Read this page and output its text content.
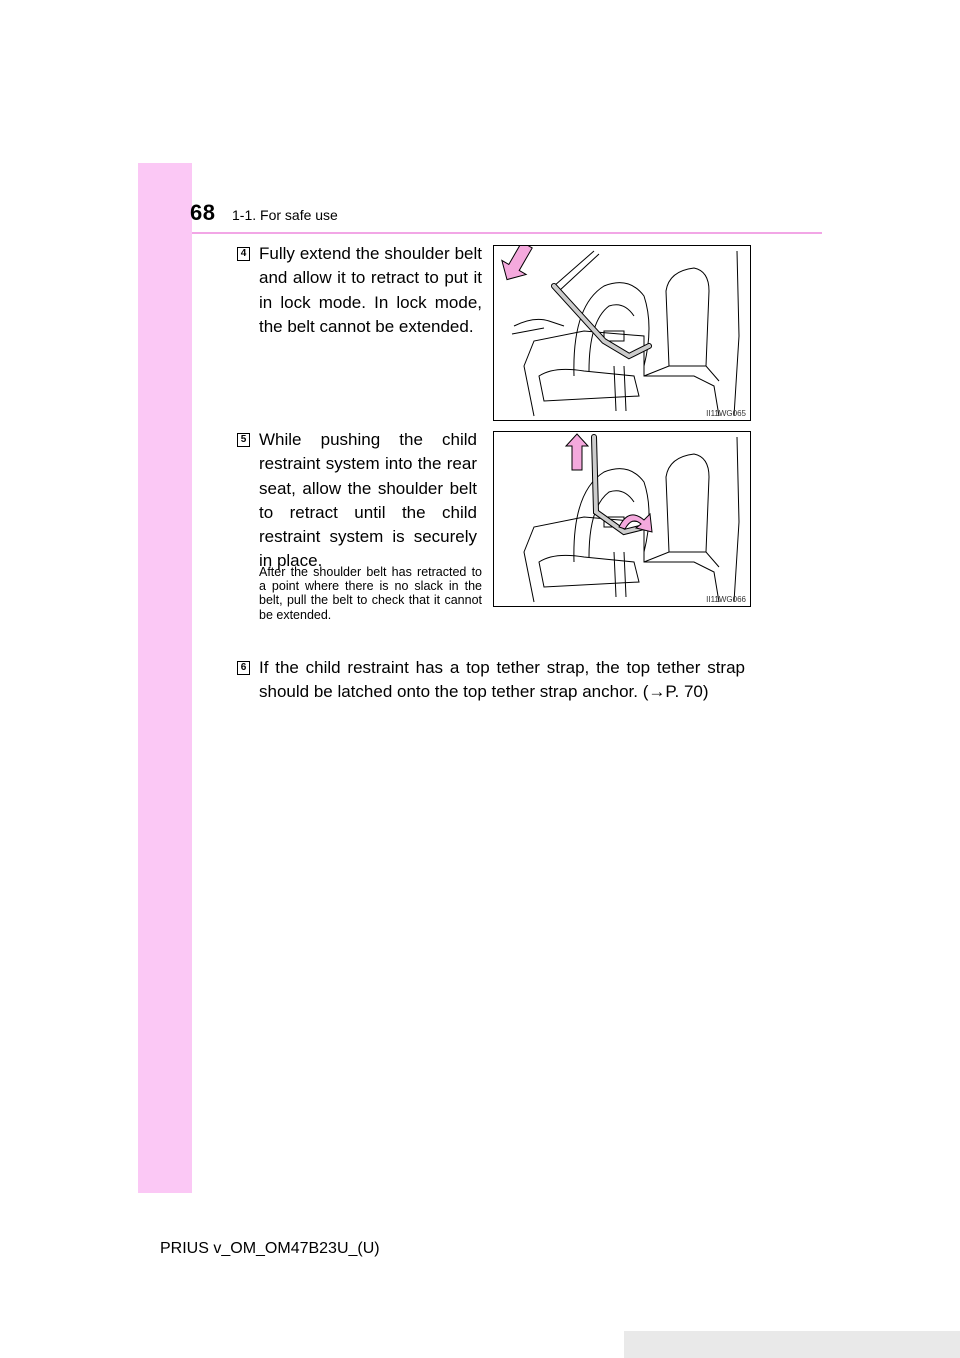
68 1-1. For safe use
4 Fully extend the shoulder belt and allow it to retract to put it in lock mode. In lock mode, the belt cannot be extended.
II11WG065
5 While pushing the child restraint system into the rear seat, allow the shoulder belt to retract until the child restraint system is securely in place.
After the shoulder belt has retracted to a point where there is no slack in the belt, pull the belt to check that it cannot be extended.
II11WG066
6 If the child restraint has a top tether strap, the top tether strap
should be latched onto the top tether strap anchor. (→P. 70)
PRIUS v_OM_OM47B23U_(U)
